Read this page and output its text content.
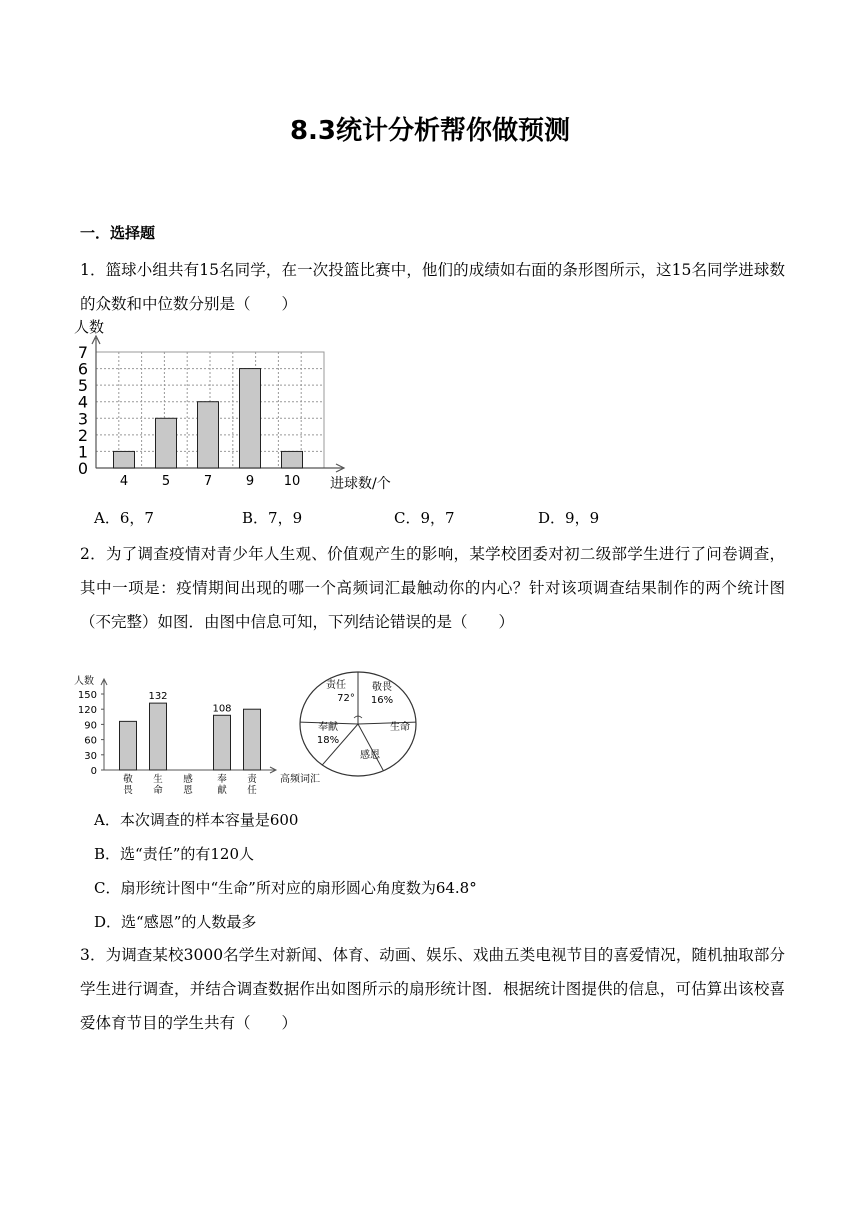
8.3统计分析帮你做预测
一．选择题
1．篮球小组共有15名同学，在一次投篮比赛中，他们的成绩如右面的条形图所示，这15名同学进球数的众数和中位数分别是（　　）
人数
进球数/个
0
1
2
3
4
5
6
7
4	5	7	9 10
A．6，7	B．7，9	C．9，7	D．9，9
2．为了调查疫情对青少年人生观、价值观产生的影响，某学校团委对初二级部学生进行了问卷调查，其中一项是：疫情期间出现的哪一个高频词汇最触动你的内心？针对该项调查结果制作的两个统计图（不完整）如图．由图中信息可知，下列结论错误的是（　　）
人数
高频词汇
0
30
60
90
120
150
敬
畏
132
生
命
感
恩
108
奉
献
责
任
敬畏
16%
生命
感恩
奉献
18%
责任
72°
A．本次调查的样本容量是600
B．选“责任”的有120人
C．扇形统计图中“生命”所对应的扇形圆心角度数为64.8°
D．选“感恩”的人数最多
3．为调查某校3000名学生对新闻、体育、动画、娱乐、戏曲五类电视节目的喜爱情况，随机抽取部分学生进行调查，并结合调查数据作出如图所示的扇形统计图．根据统计图提供的信息，可估算出该校喜爱体育节目的学生共有（　　）
